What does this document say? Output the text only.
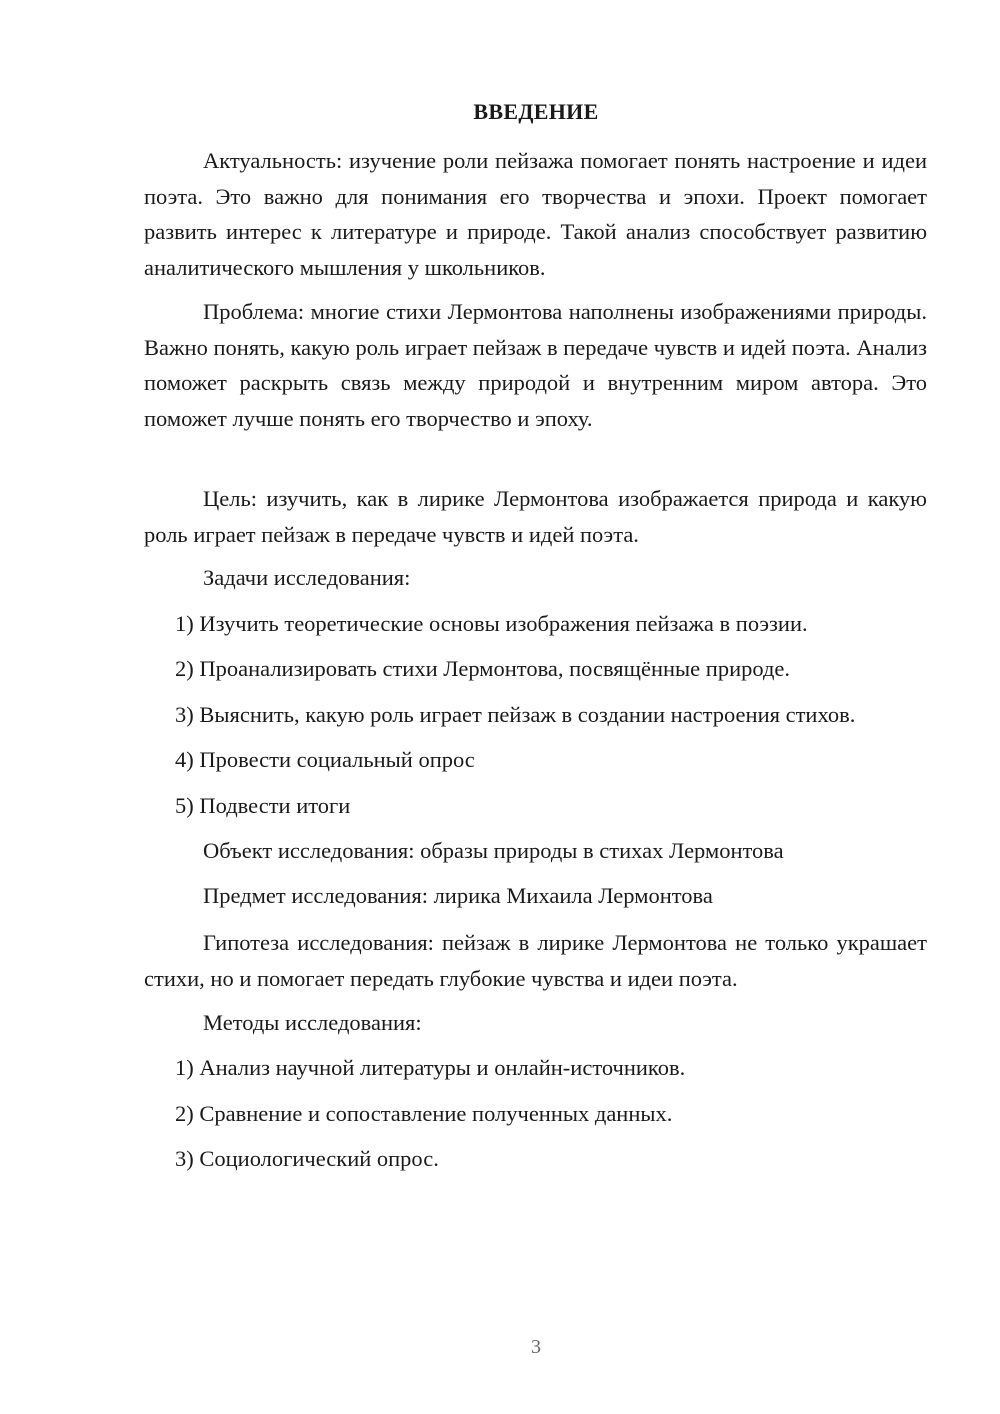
ВВЕДЕНИЕ

Актуальность: изучение роли пейзажа помогает понять настроение и идеи поэта. Это важно для понимания его творчества и эпохи. Проект помогает развить интерес к литературе и природе. Такой анализ способствует развитию аналитического мышления у школьников.

Проблема: многие стихи Лермонтова наполнены изображениями природы. Важно понять, какую роль играет пейзаж в передаче чувств и идей поэта. Анализ поможет раскрыть связь между природой и внутренним миром автора. Это поможет лучше понять его творчество и эпоху.

Цель: изучить, как в лирике Лермонтова изображается природа и какую роль играет пейзаж в передаче чувств и идей поэта.

Задачи исследования:

1) Изучить теоретические основы изображения пейзажа в поэзии.

2) Проанализировать стихи Лермонтова, посвящённые природе.

3) Выяснить, какую роль играет пейзаж в создании настроения стихов.

4) Провести социальный опрос

5) Подвести итоги

Объект исследования: образы природы в стихах Лермонтова

Предмет исследования: лирика Михаила Лермонтова

Гипотеза исследования: пейзаж в лирике Лермонтова не только украшает стихи, но и помогает передать глубокие чувства и идеи поэта.

Методы исследования:

1) Анализ научной литературы и онлайн-источников.

2) Сравнение и сопоставление полученных данных.

3) Социологический опрос.

3
